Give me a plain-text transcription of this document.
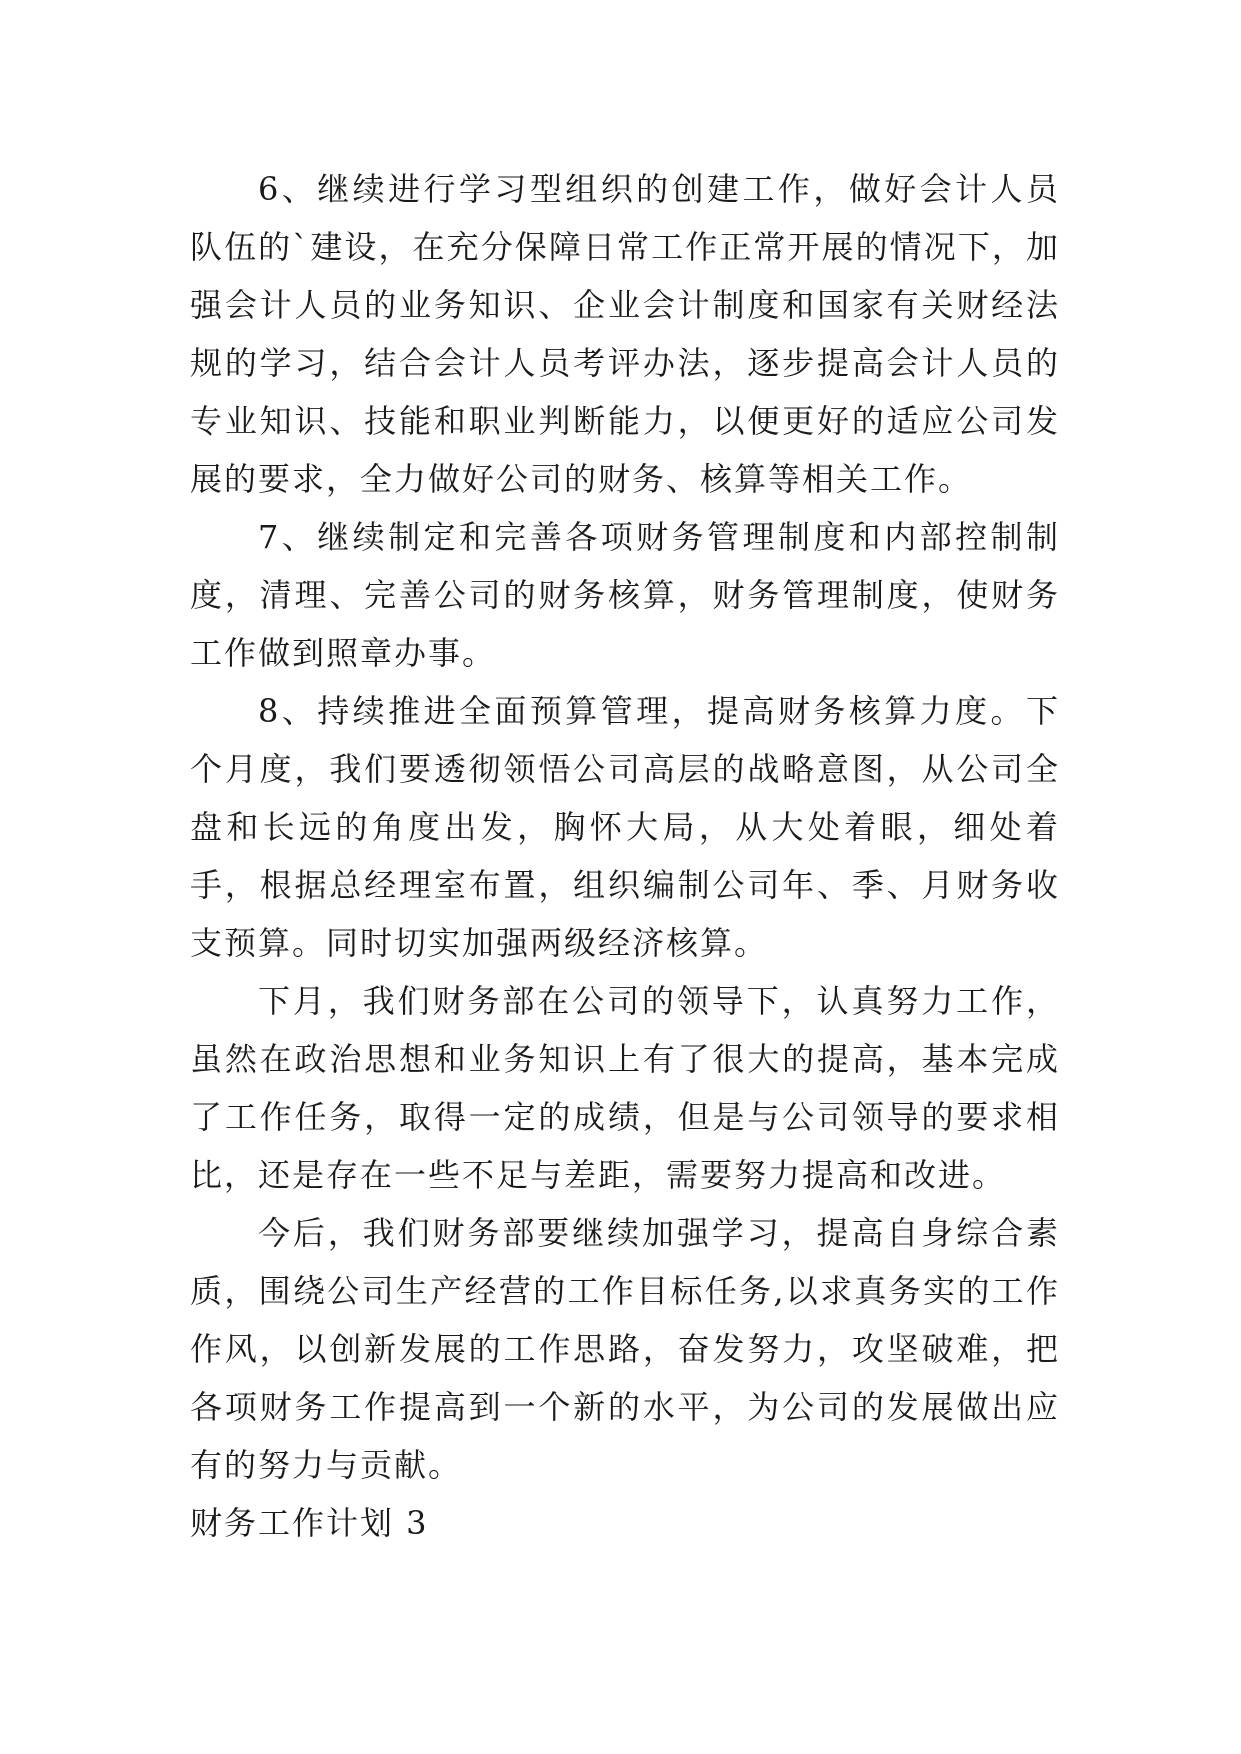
6、继续进行学习型组织的创建工作，做好会计人员队伍的`建设，在充分保障日常工作正常开展的情况下，加强会计人员的业务知识、企业会计制度和国家有关财经法规的学习，结合会计人员考评办法，逐步提高会计人员的专业知识、技能和职业判断能力，以便更好的适应公司发展的要求，全力做好公司的财务、核算等相关工作。

7、继续制定和完善各项财务管理制度和内部控制制度，清理、完善公司的财务核算，财务管理制度，使财务工作做到照章办事。

8、持续推进全面预算管理，提高财务核算力度。下个月度，我们要透彻领悟公司高层的战略意图，从公司全盘和长远的角度出发，胸怀大局，从大处着眼，细处着手，根据总经理室布置，组织编制公司年、季、月财务收支预算。同时切实加强两级经济核算。

下月，我们财务部在公司的领导下，认真努力工作，虽然在政治思想和业务知识上有了很大的提高，基本完成了工作任务，取得一定的成绩，但是与公司领导的要求相比，还是存在一些不足与差距，需要努力提高和改进。

今后，我们财务部要继续加强学习，提高自身综合素质，围绕公司生产经营的工作目标任务,以求真务实的工作作风，以创新发展的工作思路，奋发努力，攻坚破难，把各项财务工作提高到一个新的水平，为公司的发展做出应有的努力与贡献。

财务工作计划 3
